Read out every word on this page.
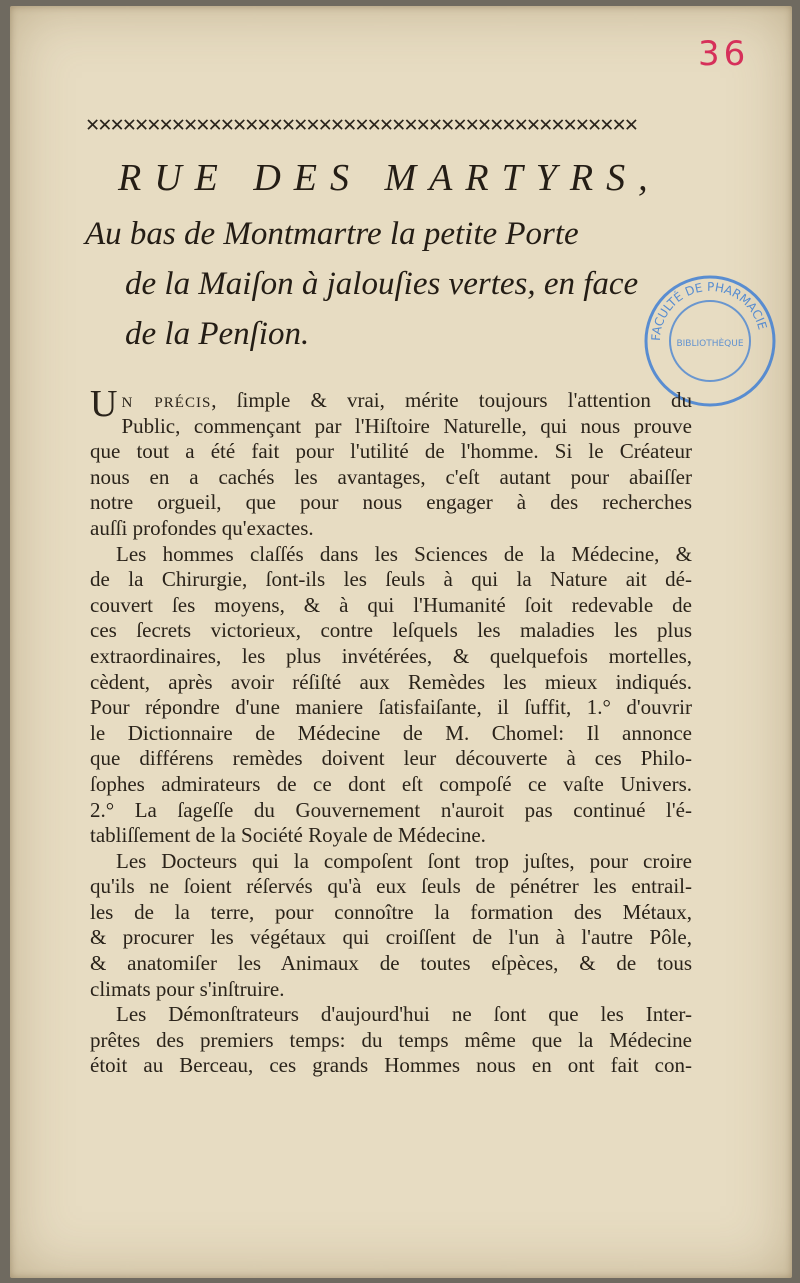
36
✕✕✕✕✕✕✕✕✕✕✕✕✕✕✕✕✕✕✕✕✕✕✕✕✕✕✕✕✕✕✕✕✕✕✕✕✕✕✕✕✕✕✕✕✕
RUE DES MARTYRS,
Au bas de Montmartre la petite Porte
de la Maiſon à jalouſies vertes, en face
de la Penſion.	FACULTÉ DE PHARMACIE
BIBLIOTHÈQUE

Un précis, ſimple & vrai, mérite toujours l'attention du

Public, commençant par l'Hiſtoire Naturelle, qui nous prouve

que tout a été fait pour l'utilité de l'homme. Si le Créateur

nous en a cachés les avantages, c'eſt autant pour abaiſſer

notre orgueil, que pour nous engager à des recherches

auſſi profondes qu'exactes.

Les hommes claſſés dans les Sciences de la Médecine, &

de la Chirurgie, ſont-ils les ſeuls à qui la Nature ait dé-

couvert ſes moyens, & à qui l'Humanité ſoit redevable de

ces ſecrets victorieux, contre leſquels les maladies les plus

extraordinaires, les plus invétérées, & quelquefois mortelles,

cèdent, après avoir réſiſté aux Remèdes les mieux indiqués.

Pour répondre d'une maniere ſatisfaiſante, il ſuffit, 1.° d'ouvrir

le Dictionnaire de Médecine de M. Chomel: Il annonce

que différens remèdes doivent leur découverte à ces Philo-

ſophes admirateurs de ce dont eſt compoſé ce vaſte Univers.

2.° La ſageſſe du Gouvernement n'auroit pas continué l'é-

tabliſſement de la Société Royale de Médecine.

Les Docteurs qui la compoſent ſont trop juſtes, pour croire

qu'ils ne ſoient réſervés qu'à eux ſeuls de pénétrer les entrail-

les de la terre, pour connoître la formation des Métaux,

& procurer les végétaux qui croiſſent de l'un à l'autre Pôle,

& anatomiſer les Animaux de toutes eſpèces, & de tous

climats pour s'inſtruire.

Les Démonſtrateurs d'aujourd'hui ne ſont que les Inter-

prêtes des premiers temps: du temps même que la Médecine

étoit au Berceau, ces grands Hommes nous en ont fait con-
